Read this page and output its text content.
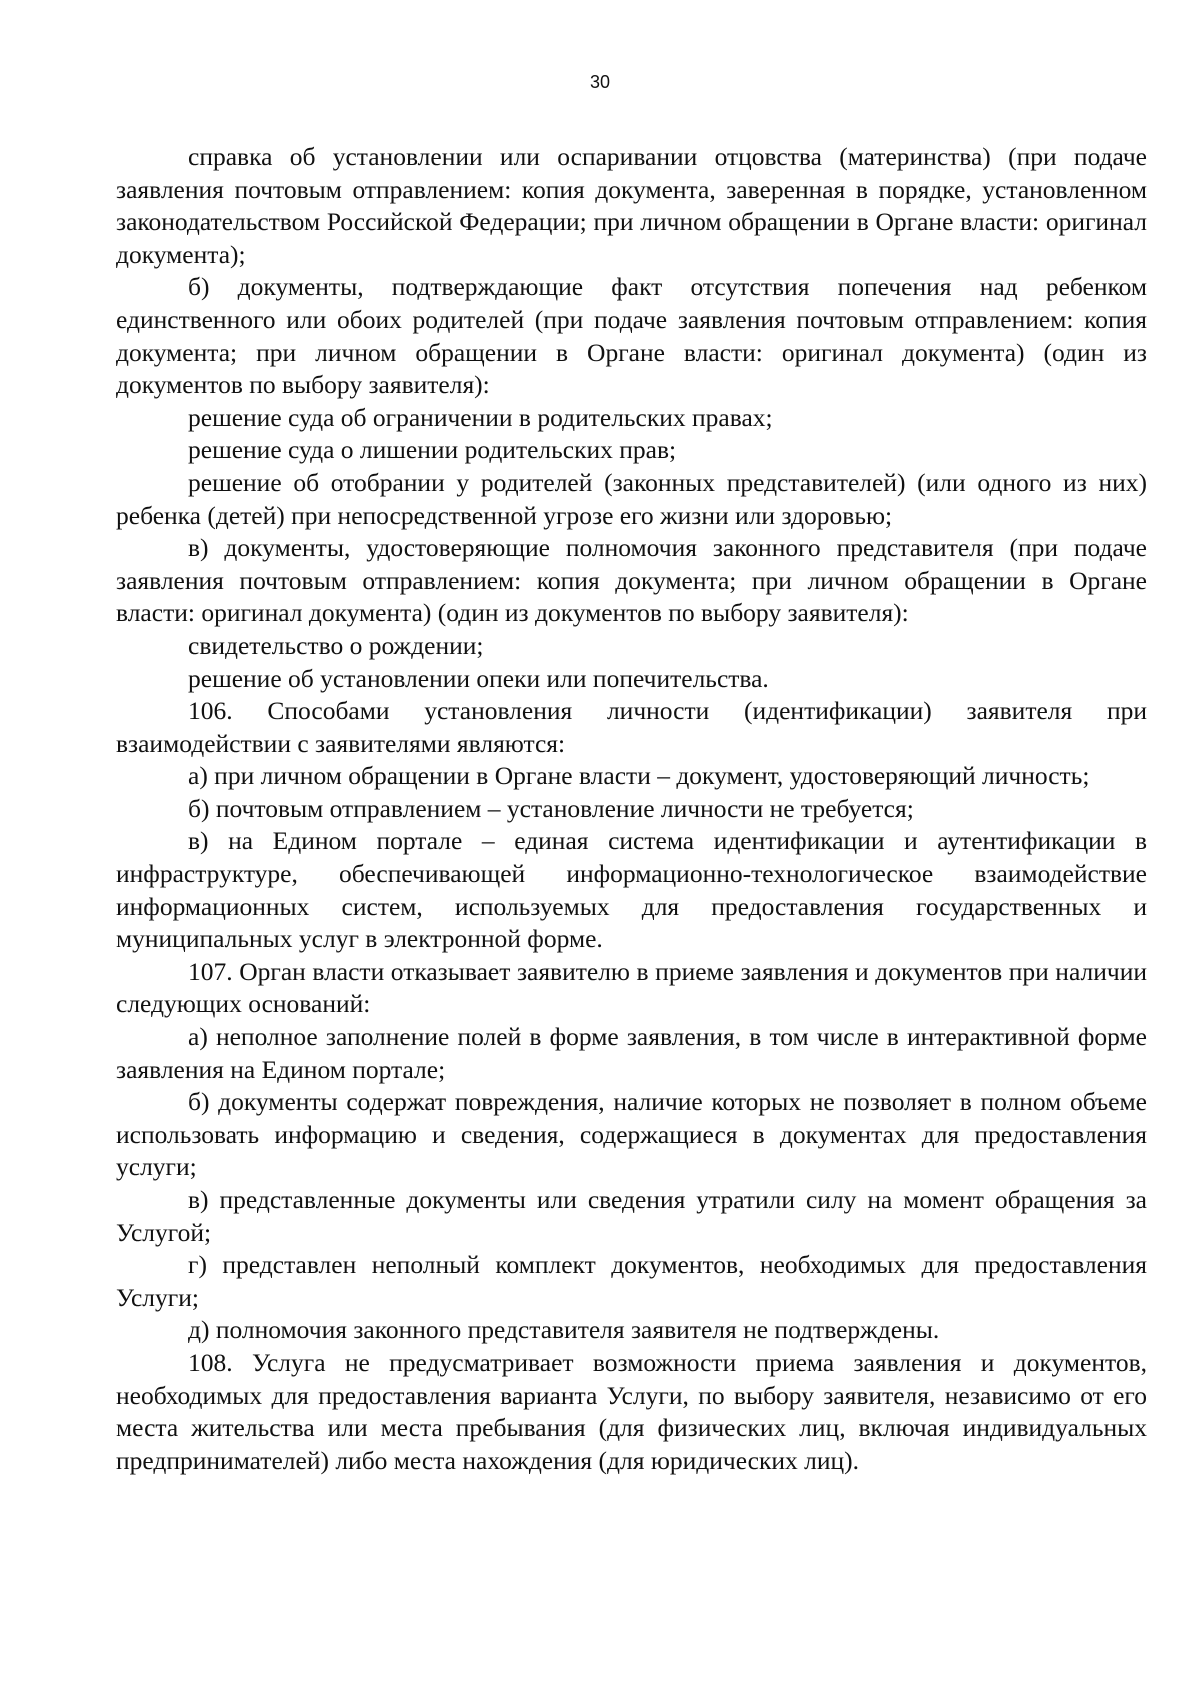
30

справка об установлении или оспаривании отцовства (материнства) (при подаче заявления почтовым отправлением: копия документа, заверенная в порядке, установленном законодательством Российской Федерации; при личном обращении в Органе власти: оригинал документа);

б) документы, подтверждающие факт отсутствия попечения над ребенком единственного или обоих родителей (при подаче заявления почтовым отправлением: копия документа; при личном обращении в Органе власти: оригинал документа) (один из документов по выбору заявителя):

решение суда об ограничении в родительских правах;

решение суда о лишении родительских прав;

решение об отобрании у родителей (законных представителей) (или одного из них) ребенка (детей) при непосредственной угрозе его жизни или здоровью;

в) документы, удостоверяющие полномочия законного представителя (при подаче заявления почтовым отправлением: копия документа; при личном обращении в Органе власти: оригинал документа) (один из документов по выбору заявителя):

свидетельство о рождении;

решение об установлении опеки или попечительства.

106. Способами установления личности (идентификации) заявителя при взаимодействии с заявителями являются:

а) при личном обращении в Органе власти – документ, удостоверяющий личность;

б) почтовым отправлением – установление личности не требуется;

в) на Едином портале – единая система идентификации и аутентификации в инфраструктуре, обеспечивающей информационно-технологическое взаимодействие информационных систем, используемых для предоставления государственных и муниципальных услуг в электронной форме.

107. Орган власти отказывает заявителю в приеме заявления и документов при наличии следующих оснований:

а) неполное заполнение полей в форме заявления, в том числе в интерактивной форме заявления на Едином портале;

б) документы содержат повреждения, наличие которых не позволяет в полном объеме использовать информацию и сведения, содержащиеся в документах для предоставления услуги;

в) представленные документы или сведения утратили силу на момент обращения за Услугой;

г) представлен неполный комплект документов, необходимых для предоставления Услуги;

д) полномочия законного представителя заявителя не подтверждены.

108. Услуга не предусматривает возможности приема заявления и документов, необходимых для предоставления варианта Услуги, по выбору заявителя, независимо от его места жительства или места пребывания (для физических лиц, включая индивидуальных предпринимателей) либо места нахождения (для юридических лиц).
